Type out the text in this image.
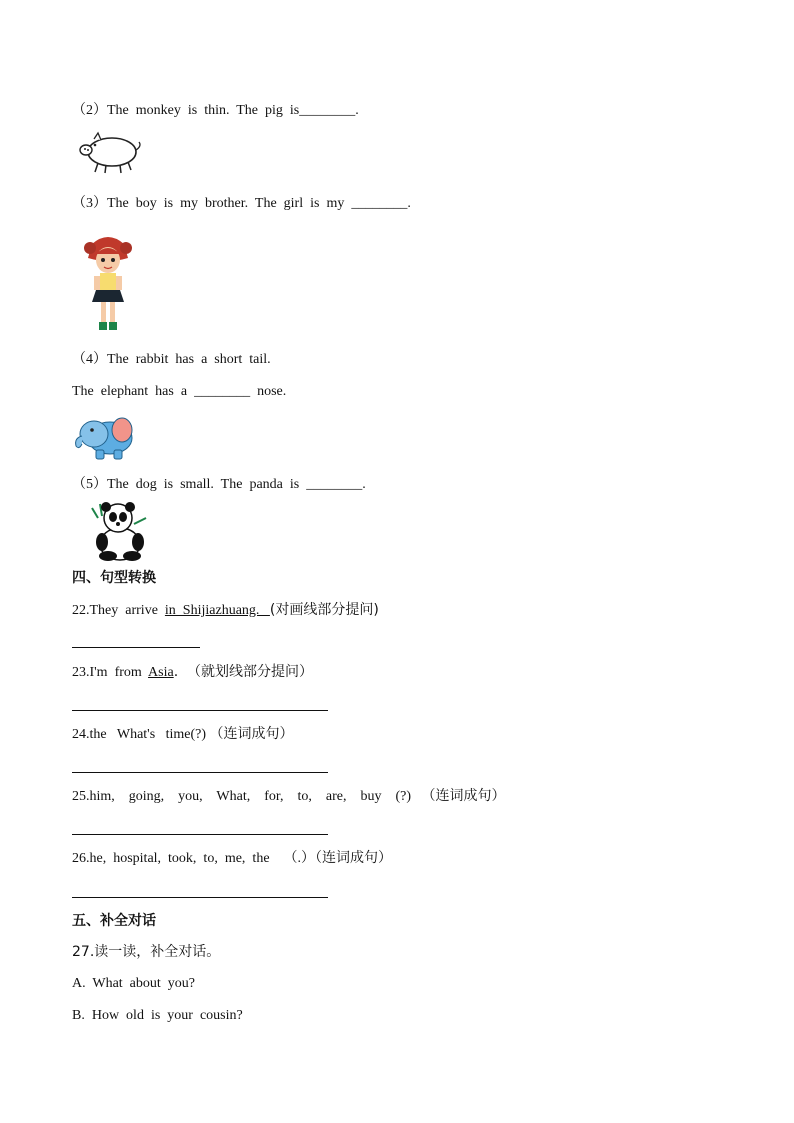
（2）The  monkey  is  thin.  The  pig  is________.
（3）The  boy  is  my  brother.  The  girl  is  my  ________.
（4）The  rabbit  has  a  short  tail.
The  elephant  has  a  ________  nose.
（5）The  dog  is  small.  The  panda  is  ________.
四、句型转换
22.They  arrive  in  Shijiazhuang.   (对画线部分提问)
23.I'm  from  Asia.  （就划线部分提问）
24.the   What's   time(?) （连词成句）
25.him,    going,    you,    What,    for,    to,    are,    buy    (?)   （连词成句）
26.he,  hospital,  took,  to,  me,  the    （.）（连词成句）
五、补全对话
27.读一读，补全对话。
A.  What  about  you?
B.  How  old  is  your  cousin?
